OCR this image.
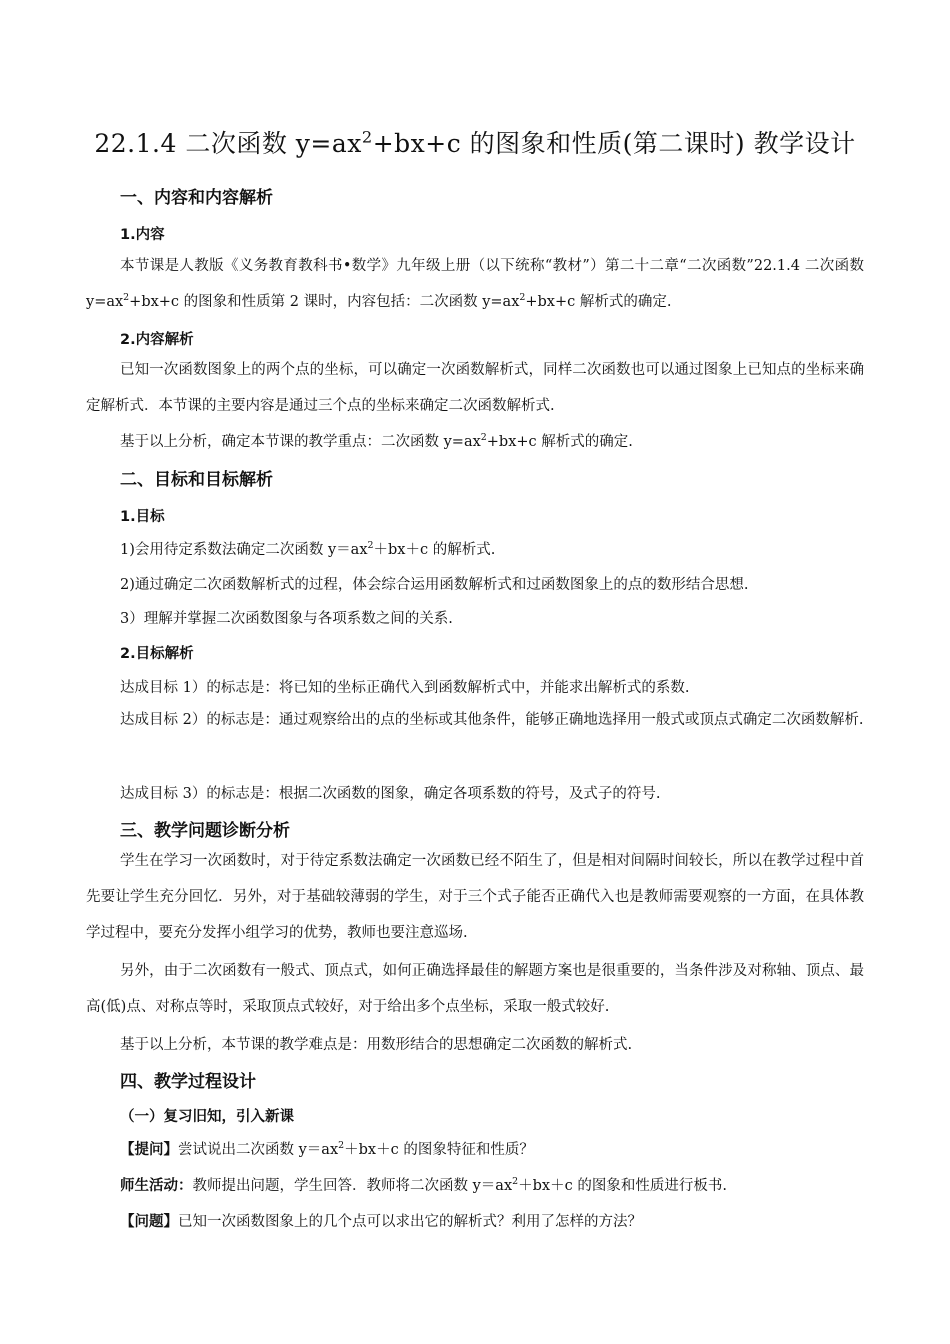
22.1.4 二次函数 $y=ax^2+bx+c$ 的图象和性质(第二课时) 教学设计
一、内容和内容解析
1.内容
本节课是人教版《义务教育教科书•数学》九年级上册（以下统称“教材”）第二十二章“二次函数”22.1.4 二次函数 $y=ax^2+bx+c$ 的图象和性质第 2 课时，内容包括：二次函数 $y=ax^2+bx+c$ 解析式的确定.
2.内容解析
已知一次函数图象上的两个点的坐标，可以确定一次函数解析式，同样二次函数也可以通过图象上已知点的坐标来确定解析式．本节课的主要内容是通过三个点的坐标来确定二次函数解析式.
基于以上分析，确定本节课的教学重点：二次函数 $y=ax^2+bx+c$ 解析式的确定.
二、目标和目标解析
1.目标
1)会用待定系数法确定二次函数 $y=ax^2+bx+c$ 的解析式.
2)通过确定二次函数解析式的过程，体会综合运用函数解析式和过函数图象上的点的数形结合思想.
3）理解并掌握二次函数图象与各项系数之间的关系.
2.目标解析
达成目标 1）的标志是：将已知的坐标正确代入到函数解析式中，并能求出解析式的系数.
达成目标 2）的标志是：通过观察给出的点的坐标或其他条件，能够正确地选择用一般式或顶点式确定二次函数解析.
达成目标 3）的标志是：根据二次函数的图象，确定各项系数的符号，及式子的符号.
三、教学问题诊断分析
学生在学习一次函数时，对于待定系数法确定一次函数已经不陌生了，但是相对间隔时间较长，所以在教学过程中首先要让学生充分回忆．另外，对于基础较薄弱的学生，对于三个式子能否正确代入也是教师需要观察的一方面，在具体教学过程中，要充分发挥小组学习的优势，教师也要注意巡场.
另外，由于二次函数有一般式、顶点式，如何正确选择最佳的解题方案也是很重要的，当条件涉及对称轴、顶点、最高(低)点、对称点等时，采取顶点式较好，对于给出多个点坐标，采取一般式较好.
基于以上分析，本节课的教学难点是：用数形结合的思想确定二次函数的解析式.
四、教学过程设计
（一）复习旧知，引入新课
【提问】尝试说出二次函数 $y=ax^2+bx+c$ 的图象特征和性质？
师生活动：教师提出问题，学生回答．教师将二次函数 $y=ax^2+bx+c$ 的图象和性质进行板书.
【问题】已知一次函数图象上的几个点可以求出它的解析式？利用了怎样的方法？
